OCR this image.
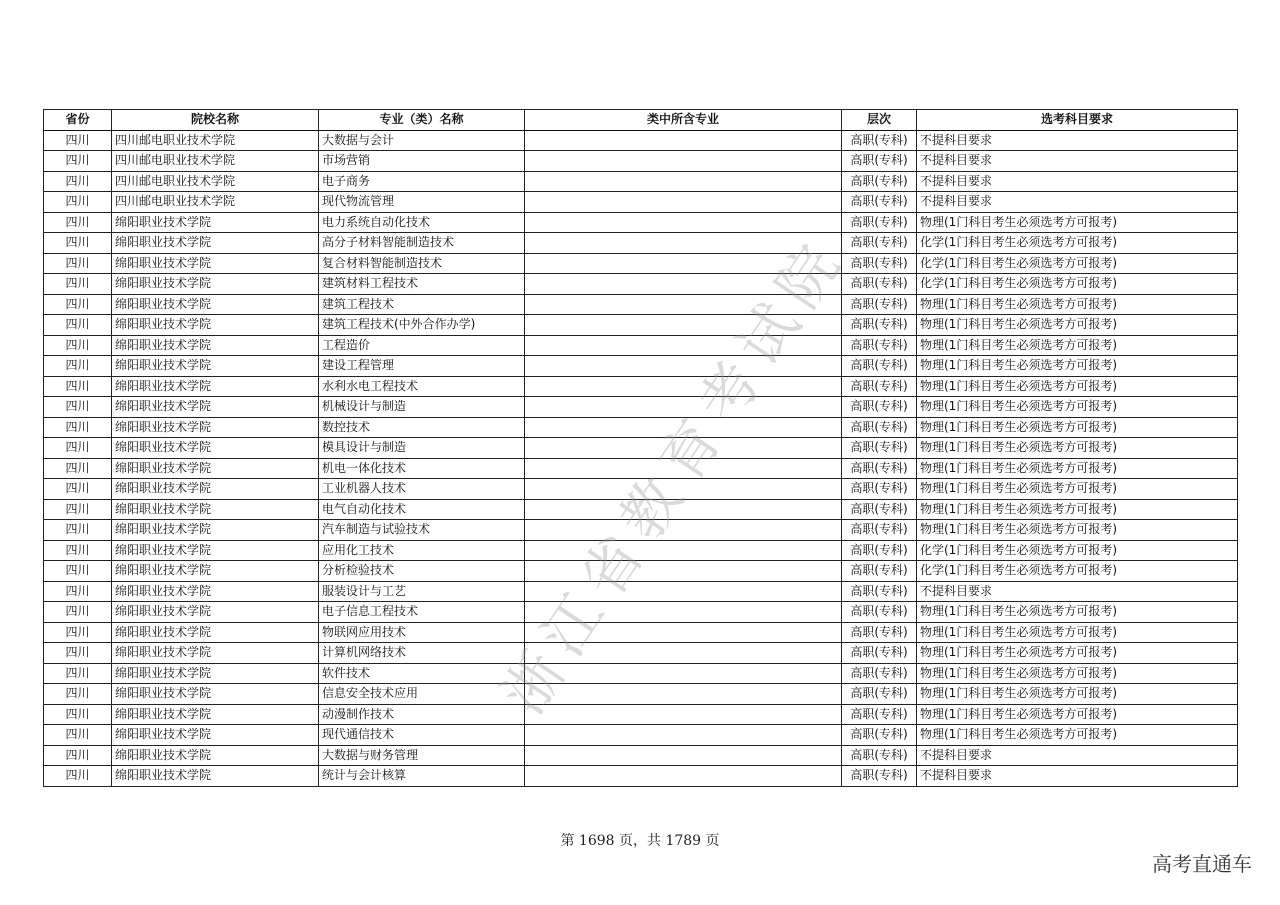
省份	院校名称	专业（类）名称	类中所含专业	层次	选考科目要求
四川	四川邮电职业技术学院	大数据与会计		高职(专科)	不提科目要求
四川	四川邮电职业技术学院	市场营销		高职(专科)	不提科目要求
四川	四川邮电职业技术学院	电子商务		高职(专科)	不提科目要求
四川	四川邮电职业技术学院	现代物流管理		高职(专科)	不提科目要求
四川	绵阳职业技术学院	电力系统自动化技术		高职(专科)	物理(1门科目考生必须选考方可报考)
四川	绵阳职业技术学院	高分子材料智能制造技术		高职(专科)	化学(1门科目考生必须选考方可报考)
四川	绵阳职业技术学院	复合材料智能制造技术		高职(专科)	化学(1门科目考生必须选考方可报考)
四川	绵阳职业技术学院	建筑材料工程技术		高职(专科)	化学(1门科目考生必须选考方可报考)
四川	绵阳职业技术学院	建筑工程技术		高职(专科)	物理(1门科目考生必须选考方可报考)
四川	绵阳职业技术学院	建筑工程技术(中外合作办学)		高职(专科)	物理(1门科目考生必须选考方可报考)
四川	绵阳职业技术学院	工程造价		高职(专科)	物理(1门科目考生必须选考方可报考)
四川	绵阳职业技术学院	建设工程管理		高职(专科)	物理(1门科目考生必须选考方可报考)
四川	绵阳职业技术学院	水利水电工程技术		高职(专科)	物理(1门科目考生必须选考方可报考)
四川	绵阳职业技术学院	机械设计与制造		高职(专科)	物理(1门科目考生必须选考方可报考)
四川	绵阳职业技术学院	数控技术		高职(专科)	物理(1门科目考生必须选考方可报考)
四川	绵阳职业技术学院	模具设计与制造		高职(专科)	物理(1门科目考生必须选考方可报考)
四川	绵阳职业技术学院	机电一体化技术		高职(专科)	物理(1门科目考生必须选考方可报考)
四川	绵阳职业技术学院	工业机器人技术		高职(专科)	物理(1门科目考生必须选考方可报考)
四川	绵阳职业技术学院	电气自动化技术		高职(专科)	物理(1门科目考生必须选考方可报考)
四川	绵阳职业技术学院	汽车制造与试验技术		高职(专科)	物理(1门科目考生必须选考方可报考)
四川	绵阳职业技术学院	应用化工技术		高职(专科)	化学(1门科目考生必须选考方可报考)
四川	绵阳职业技术学院	分析检验技术		高职(专科)	化学(1门科目考生必须选考方可报考)
四川	绵阳职业技术学院	服装设计与工艺		高职(专科)	不提科目要求
四川	绵阳职业技术学院	电子信息工程技术		高职(专科)	物理(1门科目考生必须选考方可报考)
四川	绵阳职业技术学院	物联网应用技术		高职(专科)	物理(1门科目考生必须选考方可报考)
四川	绵阳职业技术学院	计算机网络技术		高职(专科)	物理(1门科目考生必须选考方可报考)
四川	绵阳职业技术学院	软件技术		高职(专科)	物理(1门科目考生必须选考方可报考)
四川	绵阳职业技术学院	信息安全技术应用		高职(专科)	物理(1门科目考生必须选考方可报考)
四川	绵阳职业技术学院	动漫制作技术		高职(专科)	物理(1门科目考生必须选考方可报考)
四川	绵阳职业技术学院	现代通信技术		高职(专科)	物理(1门科目考生必须选考方可报考)
四川	绵阳职业技术学院	大数据与财务管理		高职(专科)	不提科目要求
四川	绵阳职业技术学院	统计与会计核算		高职(专科)	不提科目要求
浙江省教育考试院
第 1698 页，共 1789 页
高考直通车
